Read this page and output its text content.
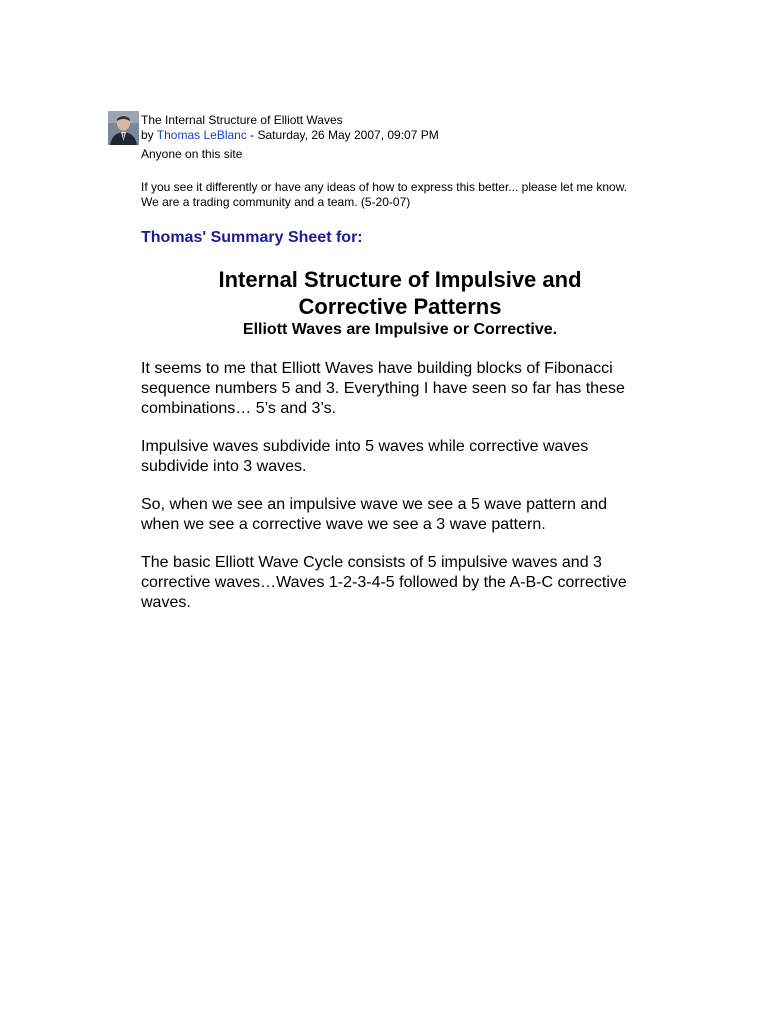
The Internal Structure of Elliott Waves
by Thomas LeBlanc - Saturday, 26 May 2007, 09:07 PM
Anyone on this site

If you see it differently or have any ideas of how to express this better... please let me know.

We are a trading community and a team. (5-20-07)

Thomas' Summary Sheet for:
Internal Structure of Impulsive and
Corrective Patterns
Elliott Waves are Impulsive or Corrective.

It seems to me that Elliott Waves have building blocks of Fibonacci
sequence numbers 5 and 3. Everything I have seen so far has these
combinations… 5’s and 3’s.

Impulsive waves subdivide into 5 waves while corrective waves
subdivide into 3 waves.

So, when we see an impulsive wave we see a 5 wave pattern and
when we see a corrective wave we see a 3 wave pattern.

The basic Elliott Wave Cycle consists of 5 impulsive waves and 3
corrective waves…Waves 1-2-3-4-5 followed by the A-B-C corrective
waves.
